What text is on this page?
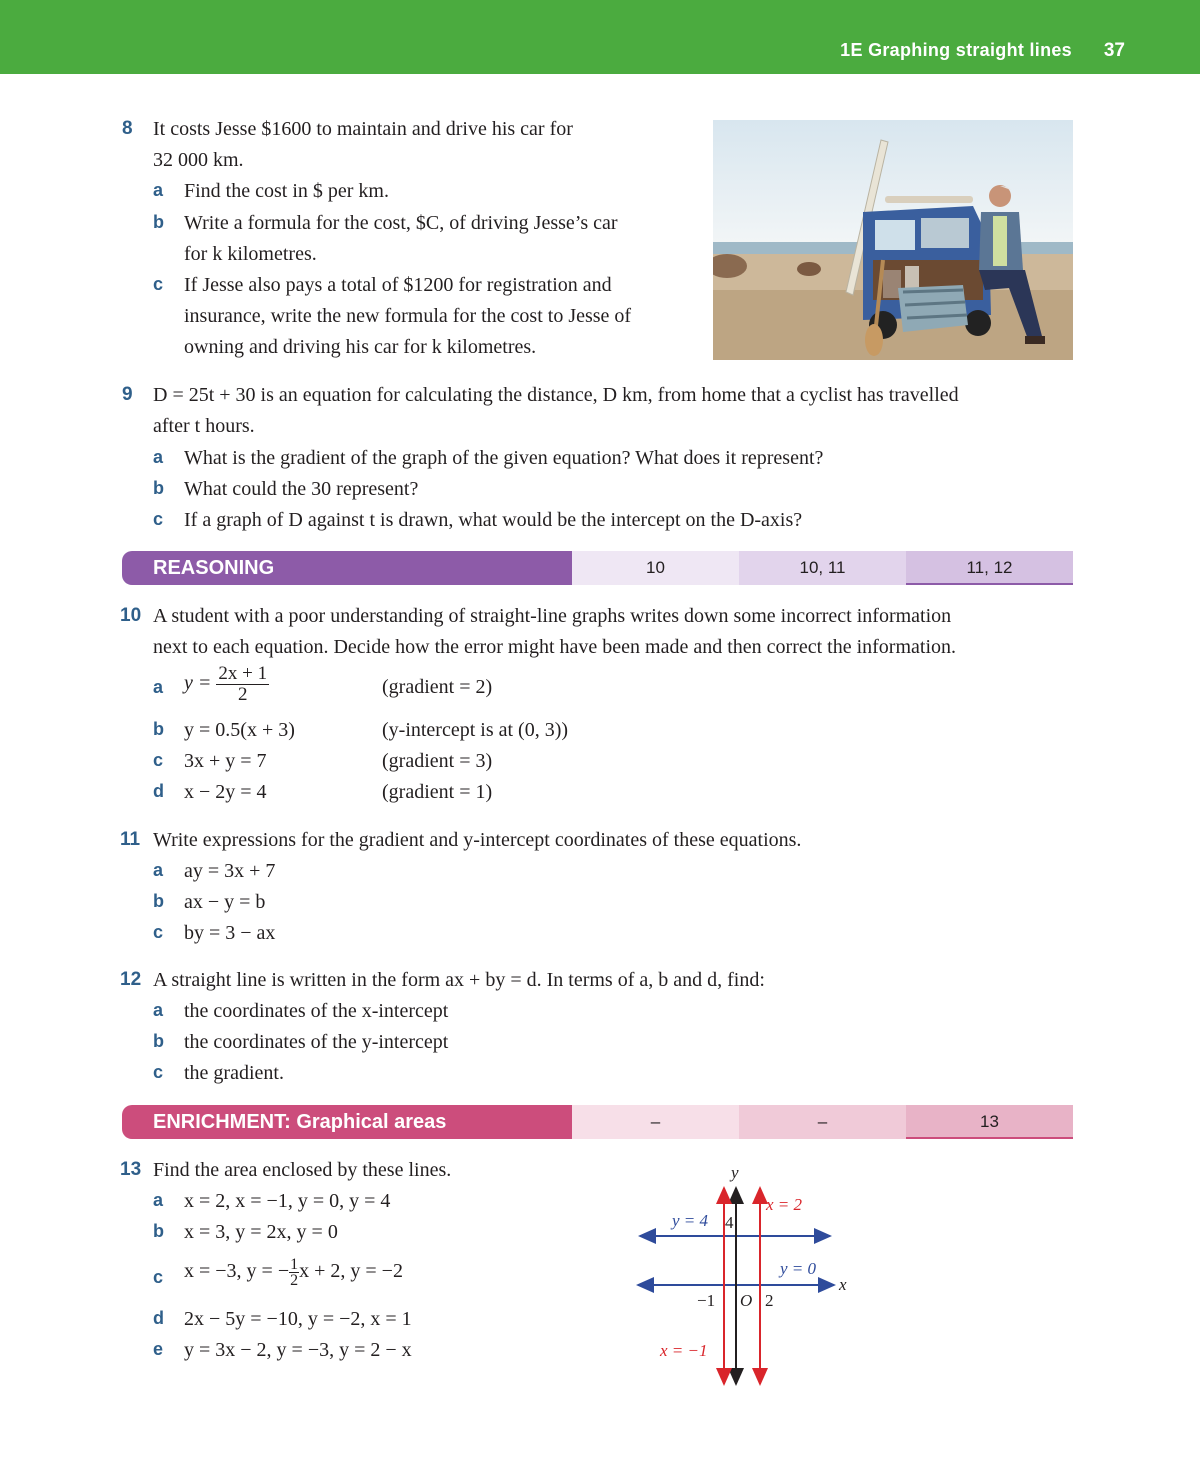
1E Graphing straight lines 37
8 It costs Jesse $1600 to maintain and drive his car for
32 000 km.
a Find the cost in $ per km.
b Write a formula for the cost, $C, of driving Jesse’s car
for k kilometres.
c If Jesse also pays a total of $1200 for registration and
insurance, write the new formula for the cost to Jesse of
owning and driving his car for k kilometres.
9 D = 25t + 30 is an equation for calculating the distance, D km, from home that a cyclist has travelled
after t hours.
a What is the gradient of the graph of the given equation? What does it represent?
b What could the 30 represent?
c If a graph of D against t is drawn, what would be the intercept on the D-axis?
REASONING	10	10, 11	11, 12
10 A student with a poor understanding of straight-line graphs writes down some incorrect information
next to each equation. Decide how the error might have been made and then correct the information.
a $y = \frac{2x + 1}{2}$	(gradient = 2)
b y = 0.5(x + 3)	(y-intercept is at (0, 3))
c 3x + y = 7	(gradient = 3)
d x − 2y = 4	(gradient = 1)
11 Write expressions for the gradient and y-intercept coordinates of these equations.
a ay = 3x + 7
b ax − y = b
c by = 3 − ax
12 A straight line is written in the form ax + by = d. In terms of a, b and d, find:
a the coordinates of the x-intercept
b the coordinates of the y-intercept
c the gradient.
ENRICHMENT: Graphical areas	–	–	13
13 Find the area enclosed by these lines.
a x = 2, x = −1, y = 0, y = 4
b x = 3, y = 2x, y = 0
c x = −3, y = − $\frac{1}{2}x + 2$, y = −2
d 2x − 5y = −10, y = −2, x = 1
e y = 3x − 2, y = −3, y = 2 − x
y
x
y = 4 4
x = 2
y = 0
−1 O 2
x = −1
